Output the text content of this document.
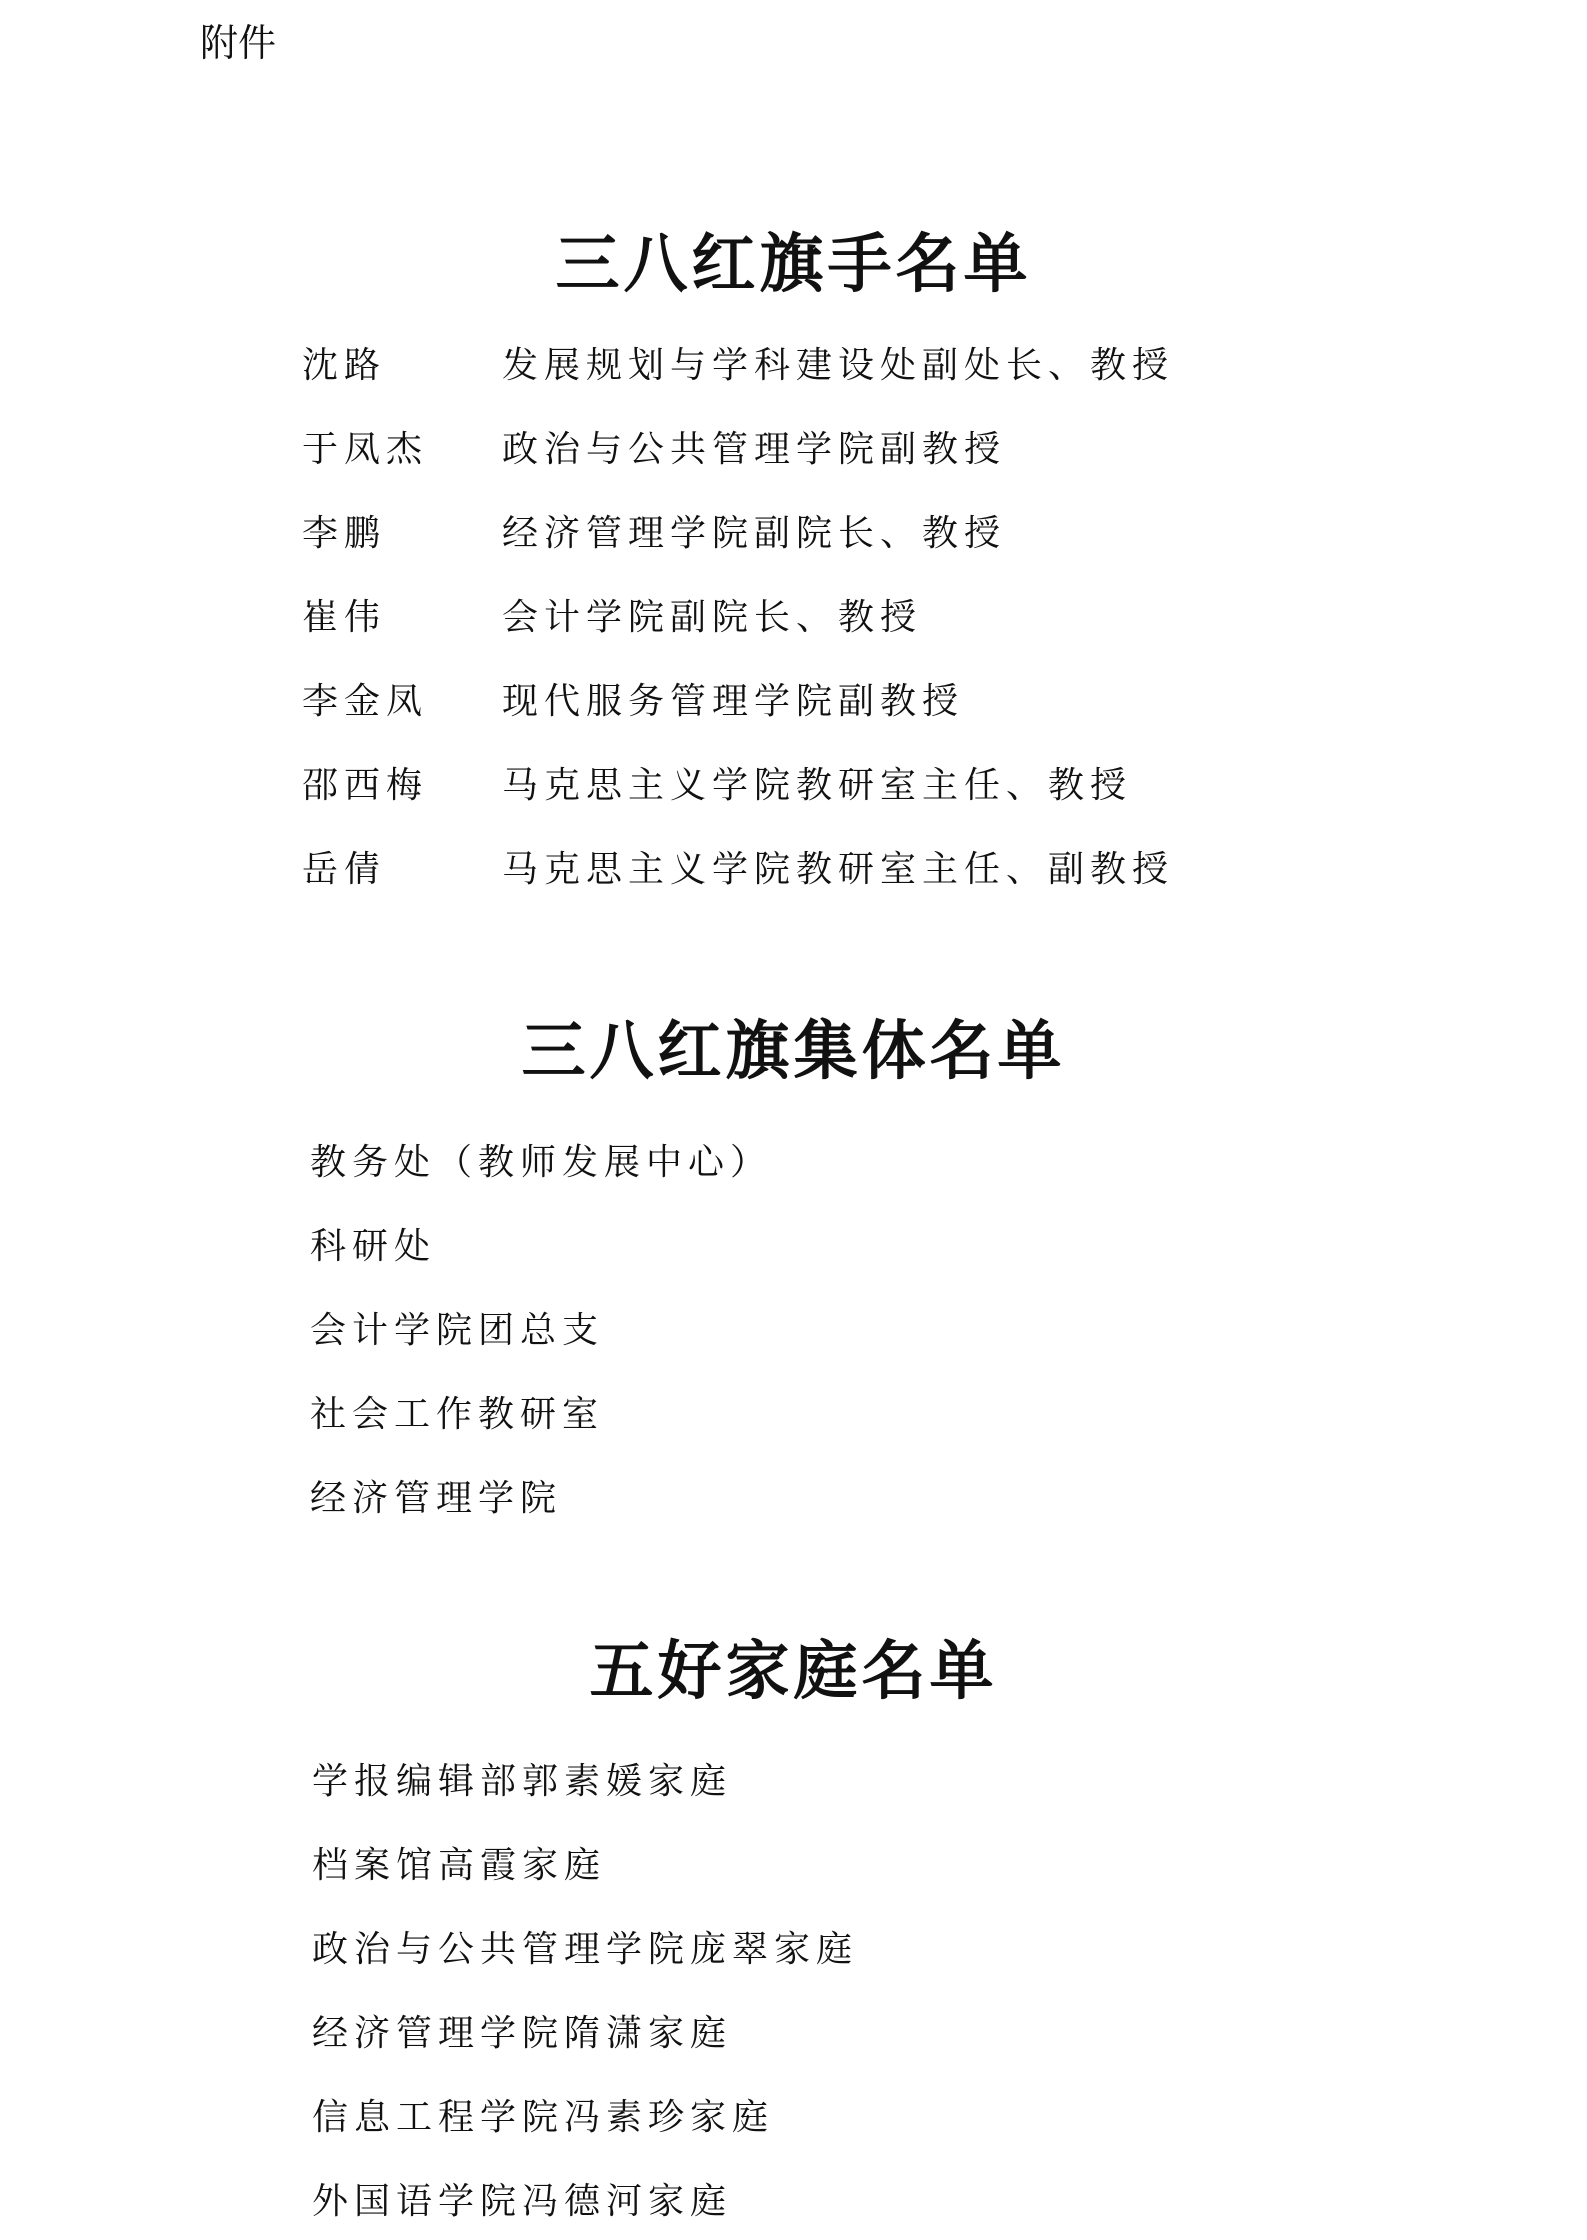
附件
三八红旗手名单
沈路	发展规划与学科建设处副处长、教授
于凤杰	政治与公共管理学院副教授
李鹏	经济管理学院副院长、教授
崔伟	会计学院副院长、教授
李金凤	现代服务管理学院副教授
邵西梅	马克思主义学院教研室主任、教授
岳倩	马克思主义学院教研室主任、副教授
三八红旗集体名单
教务处（教师发展中心）
科研处
会计学院团总支
社会工作教研室
经济管理学院
五好家庭名单
学报编辑部郭素媛家庭
档案馆高霞家庭
政治与公共管理学院庞翠家庭
经济管理学院隋潇家庭
信息工程学院冯素珍家庭
外国语学院冯德河家庭
